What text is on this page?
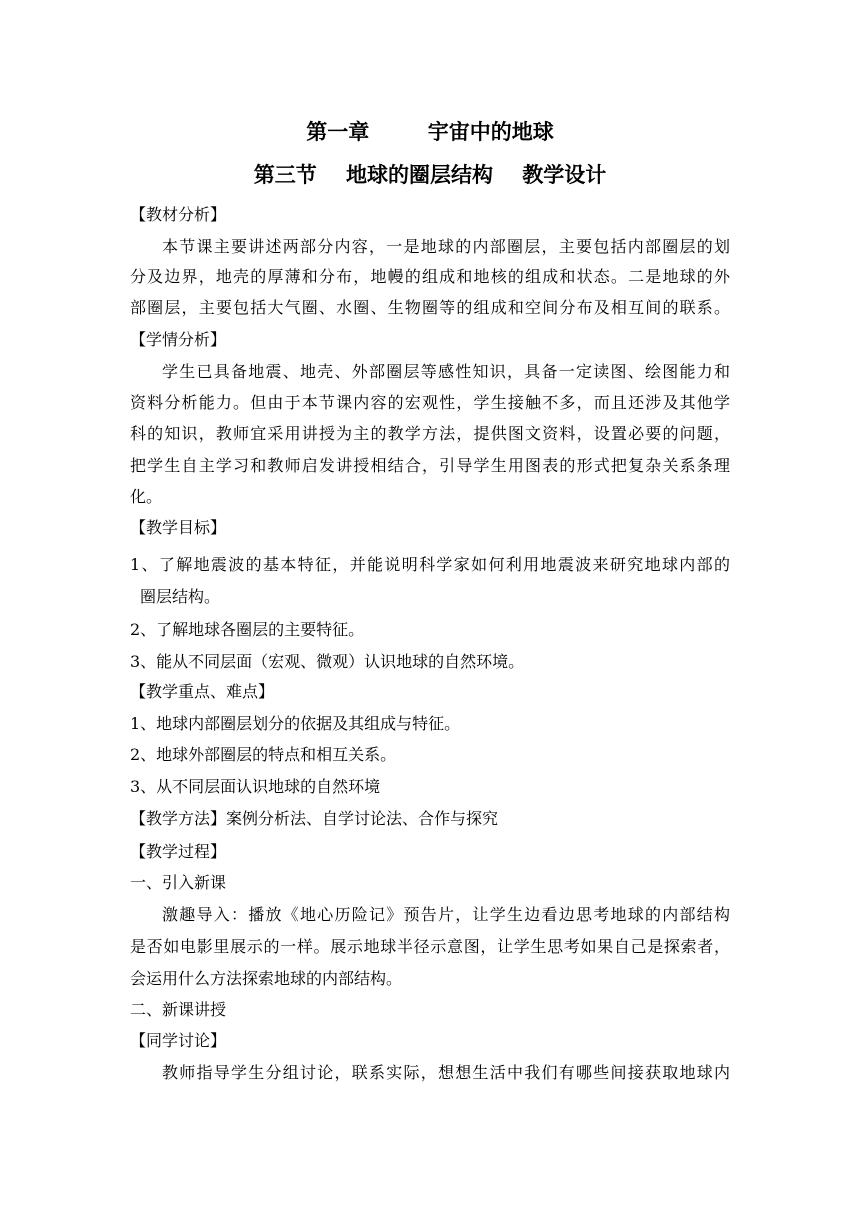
第一章        宇宙中的地球
第三节    地球的圈层结构    教学设计
【教材分析】
本节课主要讲述两部分内容，一是地球的内部圈层，主要包括内部圈层的划
分及边界，地壳的厚薄和分布，地幔的组成和地核的组成和状态。二是地球的外
部圈层，主要包括大气圈、水圈、生物圈等的组成和空间分布及相互间的联系。
【学情分析】
学生已具备地震、地壳、外部圈层等感性知识，具备一定读图、绘图能力和
资料分析能力。但由于本节课内容的宏观性，学生接触不多，而且还涉及其他学
科的知识，教师宜采用讲授为主的教学方法，提供图文资料，设置必要的问题，
把学生自主学习和教师启发讲授相结合，引导学生用图表的形式把复杂关系条理
化。
【教学目标】
1、了解地震波的基本特征，并能说明科学家如何利用地震波来研究地球内部的
圈层结构。
2、了解地球各圈层的主要特征。
3、能从不同层面（宏观、微观）认识地球的自然环境。
【教学重点、难点】
1、地球内部圈层划分的依据及其组成与特征。
2、地球外部圈层的特点和相互关系。
3、从不同层面认识地球的自然环境
【教学方法】案例分析法、自学讨论法、合作与探究
【教学过程】
一、引入新课
激趣导入：播放《地心历险记》预告片，让学生边看边思考地球的内部结构
是否如电影里展示的一样。展示地球半径示意图，让学生思考如果自己是探索者，
会运用什么方法探索地球的内部结构。
二、新课讲授
【同学讨论】
教师指导学生分组讨论，联系实际，想想生活中我们有哪些间接获取地球内
